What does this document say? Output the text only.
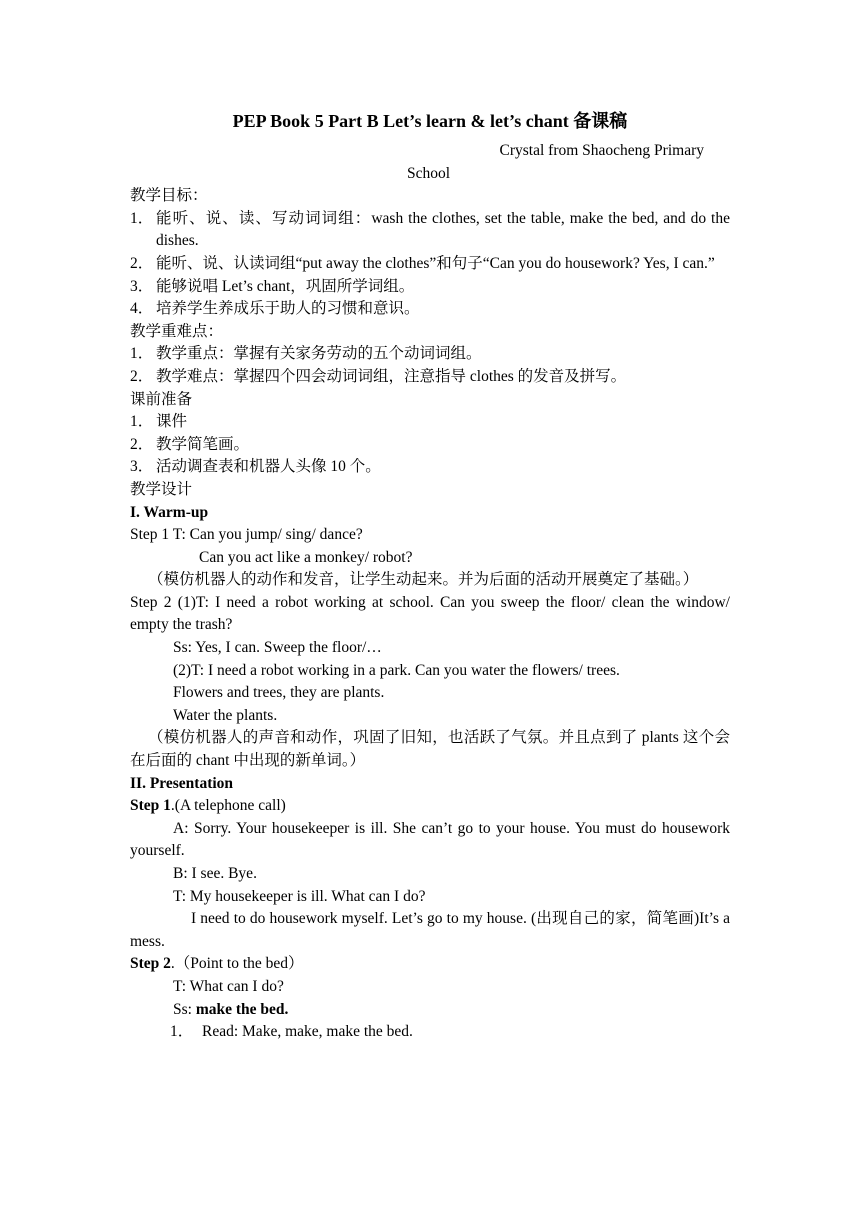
PEP Book 5 Part B Let’s learn & let’s chant 备课稿
Crystal from Shaocheng Primary
School
教学目标：
1． 能听、说、读、写动词词组：wash the clothes, set the table, make the bed, and do the dishes.
2． 能听、说、认读词组“put away the clothes”和句子“Can you do housework? Yes, I can.”
3． 能够说唱 Let’s chant，巩固所学词组。
4． 培养学生养成乐于助人的习惯和意识。
教学重难点：
1． 教学重点：掌握有关家务劳动的五个动词词组。
2． 教学难点：掌握四个四会动词词组，注意指导 clothes 的发音及拼写。
课前准备
1． 课件
2． 教学简笔画。
3． 活动调查表和机器人头像 10 个。
教学设计
I. Warm-up
Step 1 T: Can you jump/ sing/ dance?
Can you act like a monkey/ robot?
（模仿机器人的动作和发音，让学生动起来。并为后面的活动开展奠定了基础。）
Step 2 (1)T: I need a robot working at school. Can you sweep the floor/ clean the window/ empty the trash?
Ss: Yes, I can. Sweep the floor/…
(2)T: I need a robot working in a park. Can you water the flowers/ trees.
Flowers and trees, they are plants.
Water the plants.
（模仿机器人的声音和动作，巩固了旧知，也活跃了气氛。并且点到了 plants 这个会在后面的 chant 中出现的新单词。）
II. Presentation
Step 1.(A telephone call)
A: Sorry. Your housekeeper is ill. She can’t go to your house. You must do housework yourself.
B: I see. Bye.
T: My housekeeper is ill. What can I do?
I need to do housework myself. Let’s go to my house. (出现自己的家，简笔画)It’s a mess.
Step 2.（Point to the bed）
T: What can I do?
Ss: make the bed.
1． Read: Make, make, make the bed.
